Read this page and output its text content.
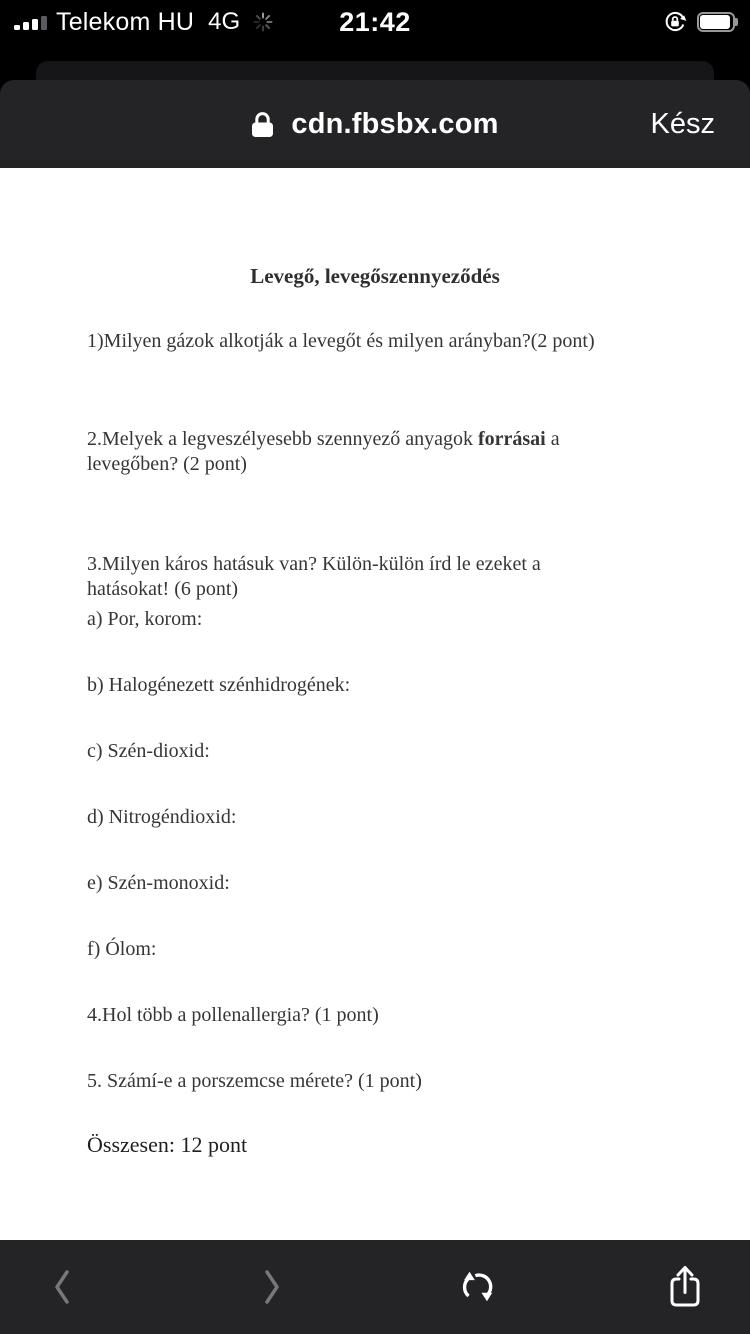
Telekom HU 4G	21:42
cdn.fbsbx.com	Kész
Levegő, levegőszennyeződés
1)Milyen gázok alkotják a levegőt és milyen arányban?(2 pont)
2.Melyek a legveszélyesebb szennyező anyagok forrásai a
levegőben? (2 pont)
3.Milyen káros hatásuk van? Külön-külön írd le ezeket a
hatásokat! (6 pont)
a) Por, korom:
b) Halogénezett szénhidrogének:
c) Szén-dioxid:
d) Nitrogéndioxid:
e) Szén-monoxid:
f) Ólom:
4.Hol több a pollenallergia? (1 pont)
5. Számí-e a porszemcse mérete? (1 pont)
Összesen: 12 pont
